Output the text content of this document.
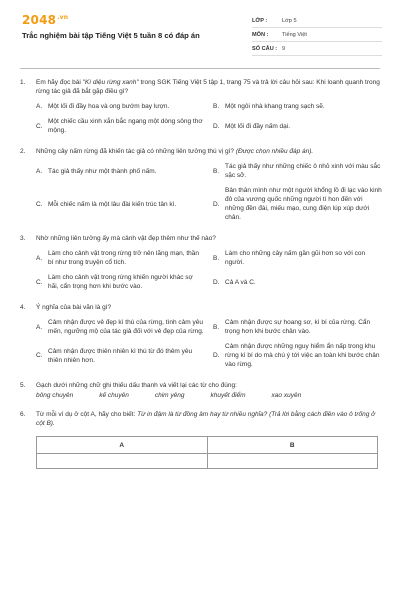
$2048^{.vn}$
Trắc nghiệm bài tập Tiếng Việt 5 tuần 8 có đáp án
LỚP :	Lớp 5
MÔN :	Tiếng Việt
SỐ CÂU : 9
1.	Em hãy đọc bài "Kì diệu rừng xanh" trong SGK Tiếng Việt 5 tập 1, trang 75 và trả lời câu hỏi sau: Khi loanh quanh trong rừng tác giả đã bắt gặp điều gì?
A. Một lối đi đầy hoa và ong bướm bay lượn.	B. Một ngôi nhà khang trang sạch sẽ.
C.
Một chiếc cầu xinh xắn bắc ngang một dòng sông thơ mộng.
D. Một lối đi đầy nấm dại.
2.	Những cây nấm rừng đã khiến tác giả có những liên tưởng thú vị gì? (Được chọn nhiều đáp án).
A. Tác giả thấy như một thành phố nấm.	B.
Tác giả thấy như những chiếc ô nhỏ xinh với màu sắc sặc sỡ.
C. Mỗi chiếc nấm là một lâu đài kiến trúc tân kì.	D.
Bản thân mình như một người khổng lồ đi lạc vào kinh đô của vương quốc những người tí hon đến với những đền đài, miếu mạo, cung điện lúp xúp dưới chân.
3.	Nhờ những liên tưởng ấy mà cảnh vật đẹp thêm như thế nào?
A.
Làm cho cảnh vật trong rừng trở nên lãng mạn, thần bí như trong truyện cổ tích.
B.
Làm cho những cây nấm gần gũi hơn so với con người.
C.
Làm cho cảnh vật trong rừng khiến người khác sợ hãi, cẩn trọng hơn khi bước vào.
D. Cả A và C.
4.	Ý nghĩa của bài văn là gì?
A.
Cảm nhận được vẻ đẹp kì thú của rừng, tình cảm yêu mến, ngưỡng mộ của tác giả đối với vẻ đẹp của rừng.
B.
Cảm nhận được sự hoang sơ, kì bí của rừng. Cẩn trọng hơn khi bước chân vào.
C.
Cảm nhận được thiên nhiên kì thú từ đó thêm yêu thiên nhiên hơn.
D.
Cảm nhận được những nguy hiểm ẩn nấp trong khu rừng kì bí do mà chú ý tới việc an toàn khi bước chân vào rừng.
5.	Gạch dưới những chữ ghi thiếu dấu thanh và viết lại các từ cho đúng:
bông chuyên	kế chuyên	chim yêng	khuyết điểm	xao xuyên
6.	Từ mỗi ví dụ ở cột A, hãy cho biết: Từ in đậm là từ đồng âm hay từ nhiều nghĩa? (Trả lời bằng cách điền vào ô trống ở cột B).
A	B
